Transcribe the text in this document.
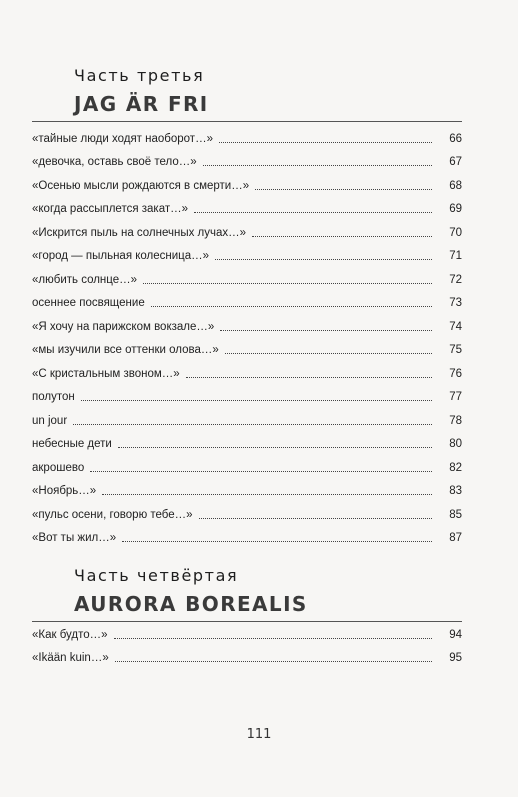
Часть третья
JAG ÄR FRI
«тайные люди ходят наоборот…»	66
«девочка, оставь своё тело…»	67
«Осенью мысли рождаются в смерти…»	68
«когда рассыплется закат…»	69
«Искрится пыль на солнечных лучах…»	70
«город — пыльная колесница…»	71
«любить солнце…»	72
осеннее посвящение	73
«Я хочу на парижском вокзале…»	74
«мы изучили все оттенки олова…»	75
«С кристальным звоном…»	76
полутон	77
un jour	78
небесные дети	80
акрошево	82
«Ноябрь…»	83
«пульс осени, говорю тебе…»	85
«Вот ты жил…»	87
Часть четвёртая
AURORA BOREALIS
«Как будто…»	94
«Ikään kuin…»	95
111
